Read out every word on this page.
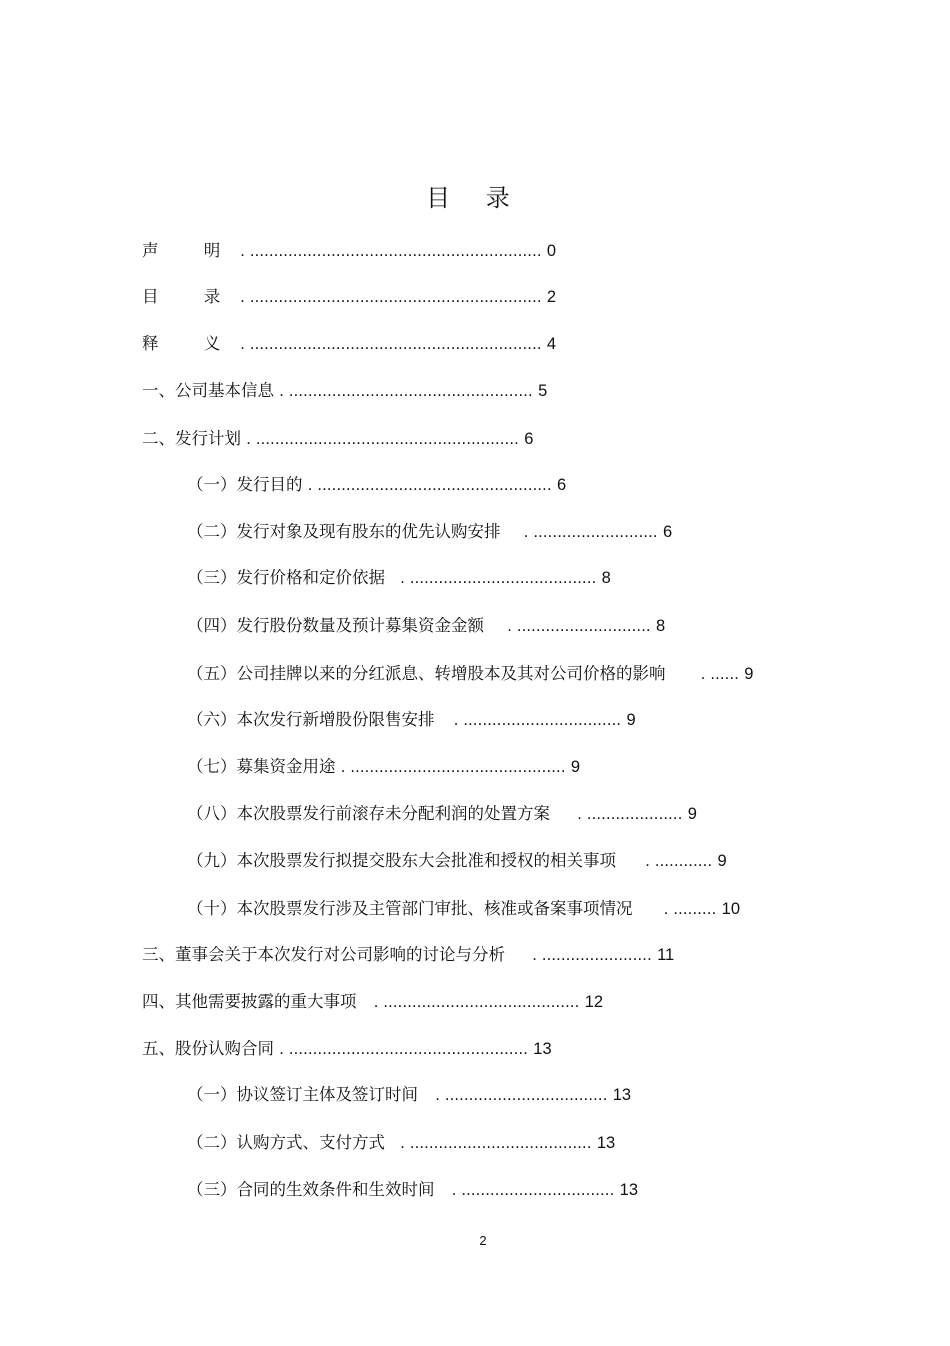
目 录
声 明. ............................................................. 0
目 录. ............................................................. 2
释 义. ............................................................. 4
一、公司基本信息 . ................................................... 5
二、发行计划 . ....................................................... 6
（一）发行目的 . ................................................. 6
（二）发行对象及现有股东的优先认购安排 . .......................... 6
（三）发行价格和定价依据 . ....................................... 8
（四）发行股份数量及预计募集资金金额 . ............................ 8
（五）公司挂牌以来的分红派息、转增股本及其对公司价格的影响 . ...... 9
（六）本次发行新增股份限售安排 . ................................. 9
（七）募集资金用途 . ............................................. 9
（八）本次股票发行前滚存未分配利润的处置方案 . .................... 9
（九）本次股票发行拟提交股东大会批准和授权的相关事项 . ............ 9
（十）本次股票发行涉及主管部门审批、核准或备案事项情况 . ......... 10
三、董事会关于本次发行对公司影响的讨论与分析 . ....................... 11
四、其他需要披露的重大事项 . ......................................... 12
五、股份认购合同 . .................................................. 13
（一）协议签订主体及签订时间 . .................................. 13
（二）认购方式、支付方式 . ...................................... 13
（三）合同的生效条件和生效时间 . ................................ 13
2
